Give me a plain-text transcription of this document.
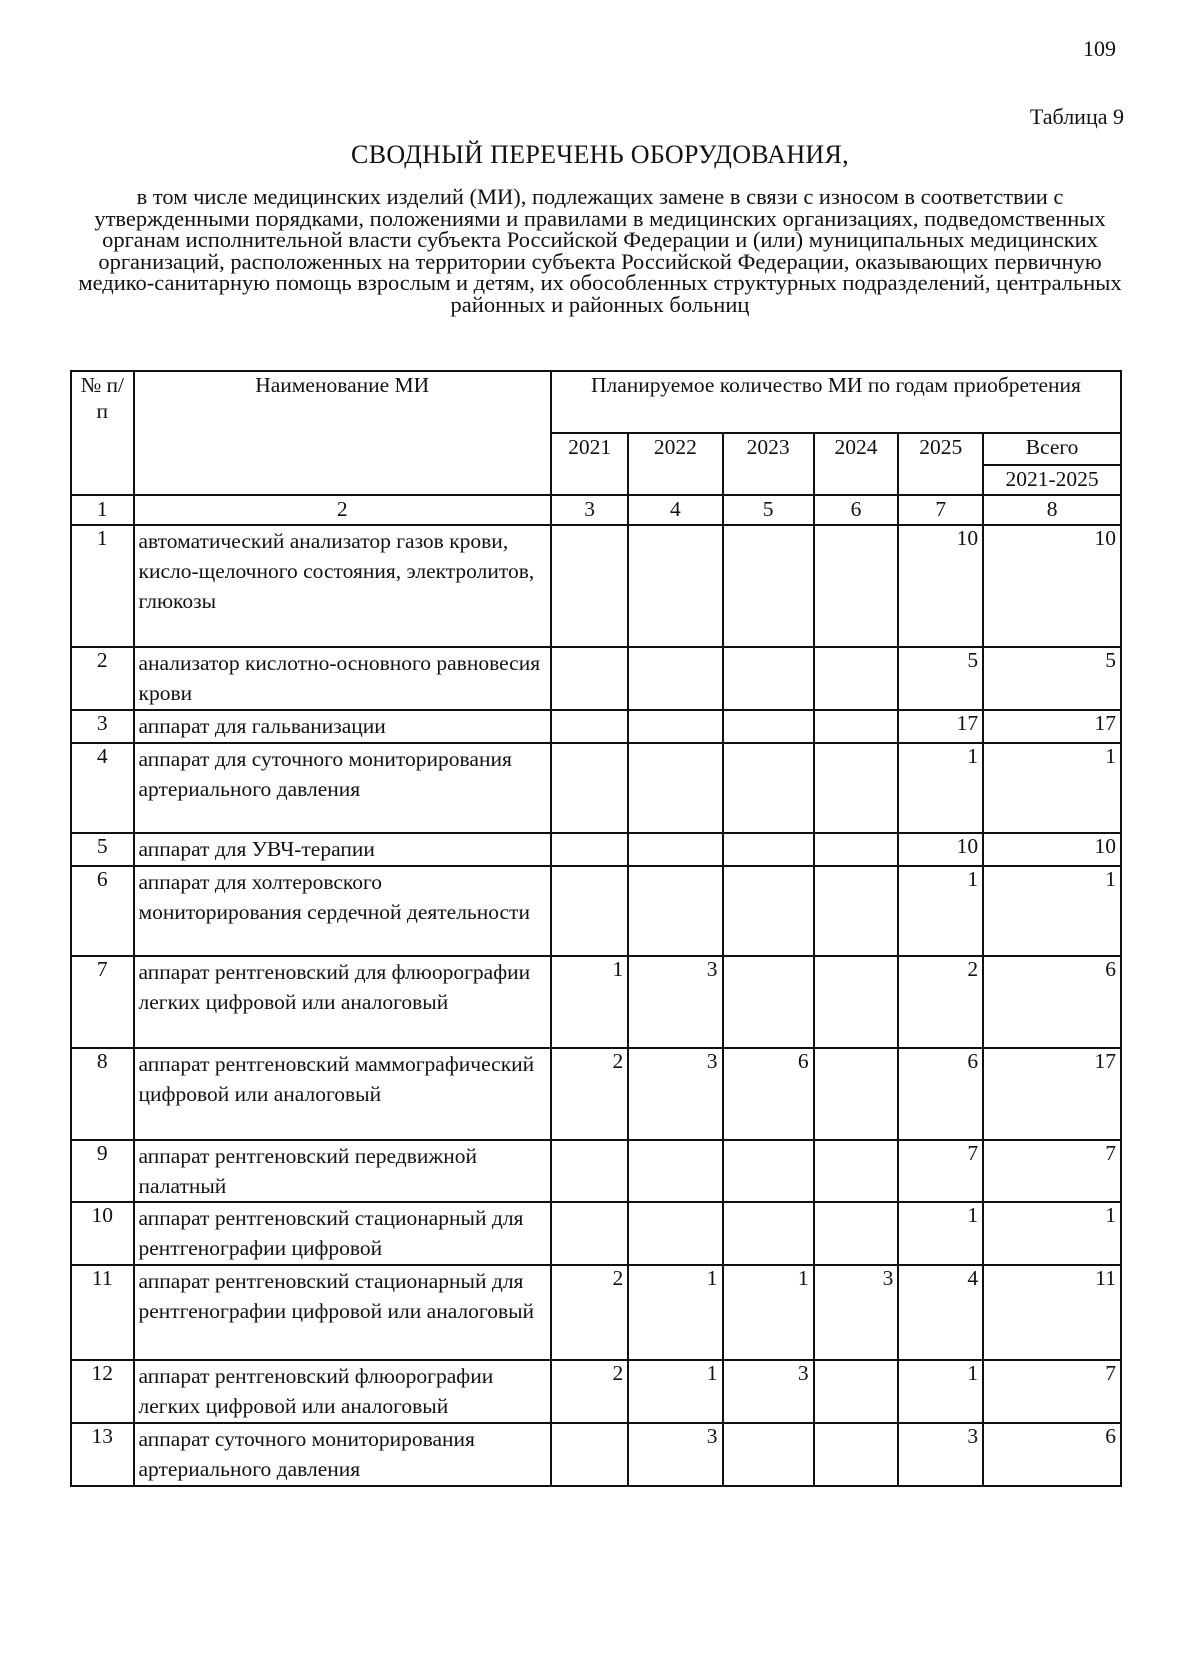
109
Таблица 9
СВОДНЫЙ ПЕРЕЧЕНЬ ОБОРУДОВАНИЯ,
в том числе медицинских изделий (МИ), подлежащих замене в связи с износом в соответствии с утвержденными порядками, положениями и правилами в медицинских организациях, подведомственных органам исполнительной власти субъекта Российской Федерации и (или) муниципальных медицинских организаций, расположенных на территории субъекта Российской Федерации, оказывающих первичную медико-санитарную помощь взрослым и детям, их обособленных структурных подразделений, центральных районных и районных больниц
№ п/п	Наименование МИ	Планируемое количество МИ по годам приобретения					
		2021	2022	2023	2024	2025	Всего
							2021-2025
1	2	3	4	5	6	7	8
1	автоматический анализатор газов крови, кисло-щелочного состояния, электролитов, глюкозы					10	10
2	анализатор кислотно-основного равновесия крови					5	5
3	аппарат для гальванизации					17	17
4	аппарат для суточного мониторирования артериального давления					1	1
5	аппарат для УВЧ-терапии					10	10
6	аппарат для холтеровского мониторирования сердечной деятельности					1	1
7	аппарат рентгеновский для флюорографии легких цифровой или аналоговый	1	3			2	6
8	аппарат рентгеновский маммографический цифровой или аналоговый	2	3	6		6	17
9	аппарат рентгеновский передвижной палатный					7	7
10	аппарат рентгеновский стационарный для рентгенографии цифровой					1	1
11	аппарат рентгеновский стационарный для рентгенографии цифровой или аналоговый	2	1	1	3	4	11
12	аппарат рентгеновский флюорографии легких цифровой или аналоговый	2	1	3		1	7
13	аппарат суточного мониторирования артериального давления		3			3	6
